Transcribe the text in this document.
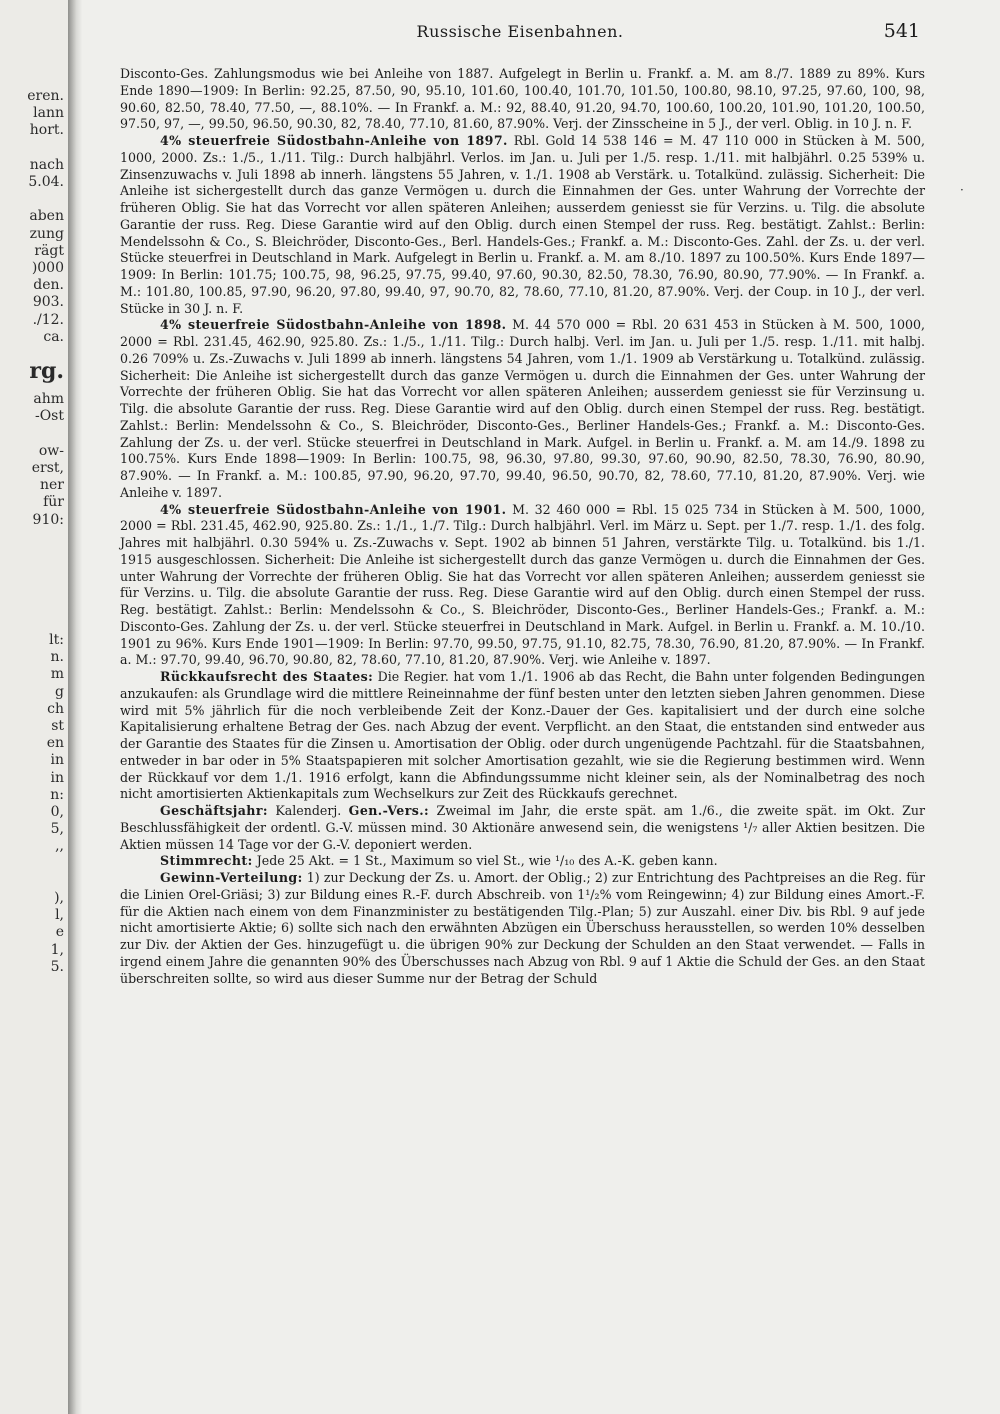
eren.
lann
hort.
nach
5.04.
aben
zung
rägt
)000
den.
903.
./12.
ca.
rg.
ahm
-Ost
ow-
erst,
ner
für
910:
lt:
n.
m
g
ch
st
en
in
in
n:
0,
5,
,,
),
l,
e
1,
5.
Russische Eisenbahnen.	541
·

Disconto-Ges. Zahlungsmodus wie bei Anleihe von 1887. Aufgelegt in Berlin u. Frankf. a. M. am 8./7. 1889 zu 89%. Kurs Ende 1890—1909: In Berlin: 92.25, 87.50, 90, 95.10, 101.60, 100.40, 101.70, 101.50, 100.80, 98.10, 97.25, 97.60, 100, 98, 90.60, 82.50, 78.40, 77.50, —, 88.10%. — In Frankf. a. M.: 92, 88.40, 91.20, 94.70, 100.60, 100.20, 101.90, 101.20, 100.50, 97.50, 97, —, 99.50, 96.50, 90.30, 82, 78.40, 77.10, 81.60, 87.90%. Verj. der Zinsscheine in 5 J., der verl. Oblig. in 10 J. n. F.

4% steuerfreie Südostbahn-Anleihe von 1897. Rbl. Gold 14 538 146 = M. 47 110 000 in Stücken à M. 500, 1000, 2000. Zs.: 1./5., 1./11. Tilg.: Durch halbjährl. Verlos. im Jan. u. Juli per 1./5. resp. 1./11. mit halbjährl. 0.25 539% u. Zinsenzuwachs v. Juli 1898 ab innerh. längstens 55 Jahren, v. 1./1. 1908 ab Verstärk. u. Totalkünd. zulässig. Sicherheit: Die Anleihe ist sichergestellt durch das ganze Vermögen u. durch die Einnahmen der Ges. unter Wahrung der Vorrechte der früheren Oblig. Sie hat das Vorrecht vor allen späteren Anleihen; ausserdem geniesst sie für Verzins. u. Tilg. die absolute Garantie der russ. Reg. Diese Garantie wird auf den Oblig. durch einen Stempel der russ. Reg. bestätigt. Zahlst.: Berlin: Mendelssohn & Co., S. Bleichröder, Disconto-Ges., Berl. Handels-Ges.; Frankf. a. M.: Disconto-Ges. Zahl. der Zs. u. der verl. Stücke steuerfrei in Deutschland in Mark. Aufgelegt in Berlin u. Frankf. a. M. am 8./10. 1897 zu 100.50%. Kurs Ende 1897—1909: In Berlin: 101.75; 100.75, 98, 96.25, 97.75, 99.40, 97.60, 90.30, 82.50, 78.30, 76.90, 80.90, 77.90%. — In Frankf. a. M.: 101.80, 100.85, 97.90, 96.20, 97.80, 99.40, 97, 90.70, 82, 78.60, 77.10, 81.20, 87.90%. Verj. der Coup. in 10 J., der verl. Stücke in 30 J. n. F.

4% steuerfreie Südostbahn-Anleihe von 1898. M. 44 570 000 = Rbl. 20 631 453 in Stücken à M. 500, 1000, 2000 = Rbl. 231.45, 462.90, 925.80. Zs.: 1./5., 1./11. Tilg.: Durch halbj. Verl. im Jan. u. Juli per 1./5. resp. 1./11. mit halbj. 0.26 709% u. Zs.-Zuwachs v. Juli 1899 ab innerh. längstens 54 Jahren, vom 1./1. 1909 ab Verstärkung u. Totalkünd. zulässig. Sicherheit: Die Anleihe ist sichergestellt durch das ganze Vermögen u. durch die Einnahmen der Ges. unter Wahrung der Vorrechte der früheren Oblig. Sie hat das Vorrecht vor allen späteren Anleihen; ausserdem geniesst sie für Verzinsung u. Tilg. die absolute Garantie der russ. Reg. Diese Garantie wird auf den Oblig. durch einen Stempel der russ. Reg. bestätigt. Zahlst.: Berlin: Mendelssohn & Co., S. Bleichröder, Disconto-Ges., Berliner Handels-Ges.; Frankf. a. M.: Disconto-Ges. Zahlung der Zs. u. der verl. Stücke steuerfrei in Deutschland in Mark. Aufgel. in Berlin u. Frankf. a. M. am 14./9. 1898 zu 100.75%. Kurs Ende 1898—1909: In Berlin: 100.75, 98, 96.30, 97.80, 99.30, 97.60, 90.90, 82.50, 78.30, 76.90, 80.90, 87.90%. — In Frankf. a. M.: 100.85, 97.90, 96.20, 97.70, 99.40, 96.50, 90.70, 82, 78.60, 77.10, 81.20, 87.90%. Verj. wie Anleihe v. 1897.

4% steuerfreie Südostbahn-Anleihe von 1901. M. 32 460 000 = Rbl. 15 025 734 in Stücken à M. 500, 1000, 2000 = Rbl. 231.45, 462.90, 925.80. Zs.: 1./1., 1./7. Tilg.: Durch halbjährl. Verl. im März u. Sept. per 1./7. resp. 1./1. des folg. Jahres mit halbjährl. 0.30 594% u. Zs.-Zuwachs v. Sept. 1902 ab binnen 51 Jahren, verstärkte Tilg. u. Totalkünd. bis 1./1. 1915 ausgeschlossen. Sicherheit: Die Anleihe ist sichergestellt durch das ganze Vermögen u. durch die Einnahmen der Ges. unter Wahrung der Vorrechte der früheren Oblig. Sie hat das Vorrecht vor allen späteren Anleihen; ausserdem geniesst sie für Verzins. u. Tilg. die absolute Garantie der russ. Reg. Diese Garantie wird auf den Oblig. durch einen Stempel der russ. Reg. bestätigt. Zahlst.: Berlin: Mendelssohn & Co., S. Bleichröder, Disconto-Ges., Berliner Handels-Ges.; Frankf. a. M.: Disconto-Ges. Zahlung der Zs. u. der verl. Stücke steuerfrei in Deutschland in Mark. Aufgel. in Berlin u. Frankf. a. M. 10./10. 1901 zu 96%. Kurs Ende 1901—1909: In Berlin: 97.70, 99.50, 97.75, 91.10, 82.75, 78.30, 76.90, 81.20, 87.90%. — In Frankf. a. M.: 97.70, 99.40, 96.70, 90.80, 82, 78.60, 77.10, 81.20, 87.90%. Verj. wie Anleihe v. 1897.

Rückkaufsrecht des Staates: Die Regier. hat vom 1./1. 1906 ab das Recht, die Bahn unter folgenden Bedingungen anzukaufen: als Grundlage wird die mittlere Reineinnahme der fünf besten unter den letzten sieben Jahren genommen. Diese wird mit 5% jährlich für die noch verbleibende Zeit der Konz.-Dauer der Ges. kapitalisiert und der durch eine solche Kapitalisierung erhaltene Betrag der Ges. nach Abzug der event. Verpflicht. an den Staat, die entstanden sind entweder aus der Garantie des Staates für die Zinsen u. Amortisation der Oblig. oder durch ungenügende Pachtzahl. für die Staatsbahnen, entweder in bar oder in 5% Staatspapieren mit solcher Amortisation gezahlt, wie sie die Regierung bestimmen wird. Wenn der Rückkauf vor dem 1./1. 1916 erfolgt, kann die Abfindungssumme nicht kleiner sein, als der Nominalbetrag des noch nicht amortisierten Aktienkapitals zum Wechselkurs zur Zeit des Rückkaufs gerechnet.

Geschäftsjahr: Kalenderj. Gen.-Vers.: Zweimal im Jahr, die erste spät. am 1./6., die zweite spät. im Okt. Zur Beschlussfähigkeit der ordentl. G.-V. müssen mind. 30 Aktionäre anwesend sein, die wenigstens ¹/₇ aller Aktien besitzen. Die Aktien müssen 14 Tage vor der G.-V. deponiert werden.

Stimmrecht: Jede 25 Akt. = 1 St., Maximum so viel St., wie ¹/₁₀ des A.-K. geben kann.

Gewinn-Verteilung: 1) zur Deckung der Zs. u. Amort. der Oblig.; 2) zur Entrichtung des Pachtpreises an die Reg. für die Linien Orel-Griäsi; 3) zur Bildung eines R.-F. durch Abschreib. von 1¹/₂% vom Reingewinn; 4) zur Bildung eines Amort.-F. für die Aktien nach einem von dem Finanzminister zu bestätigenden Tilg.-Plan; 5) zur Auszahl. einer Div. bis Rbl. 9 auf jede nicht amortisierte Aktie; 6) sollte sich nach den erwähnten Abzügen ein Überschuss herausstellen, so werden 10% desselben zur Div. der Aktien der Ges. hinzugefügt u. die übrigen 90% zur Deckung der Schulden an den Staat verwendet. — Falls in irgend einem Jahre die genannten 90% des Überschusses nach Abzug von Rbl. 9 auf 1 Aktie die Schuld der Ges. an den Staat überschreiten sollte, so wird aus dieser Summe nur der Betrag der Schuld
